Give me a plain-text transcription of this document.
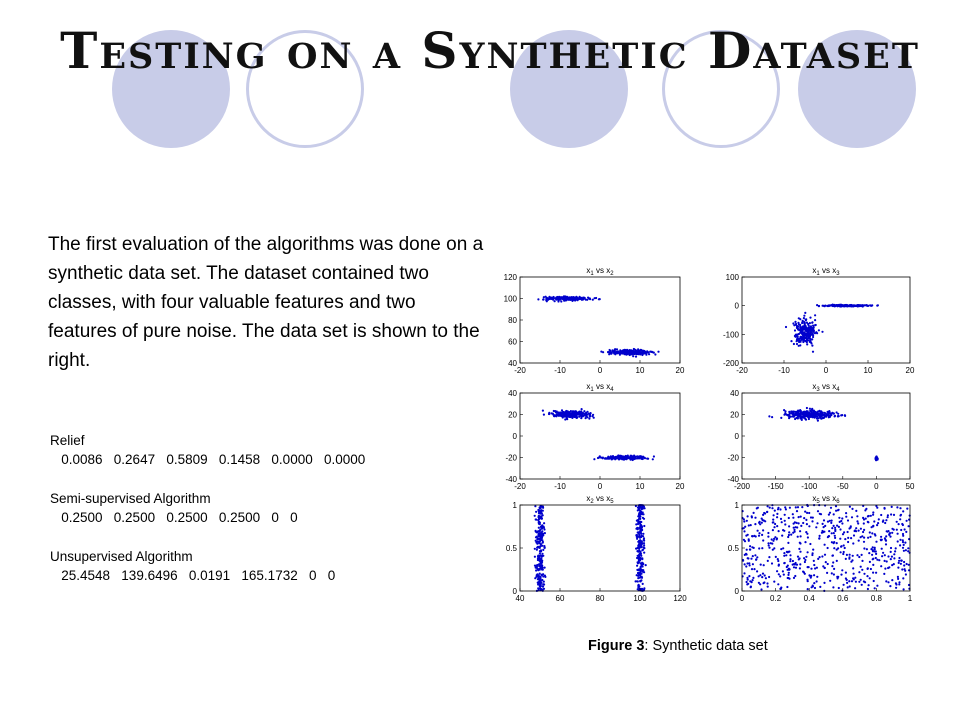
Testing on a Synthetic Dataset
The first evaluation of the algorithms was done on a synthetic data set. The dataset contained two classes, with four valuable features and two features of pure noise. The data set is shown to the right.
Relief
0.0086   0.2647   0.5809   0.1458   0.0000   0.0000
Semi-supervised Algorithm
0.2500   0.2500   0.2500   0.2500   0   0
Unsupervised Algorithm
25.4548   139.6496   0.0191   165.1732   0   0
-20	-10	0	10	20
40
60
80
100
120
$x_1$ vs $x_2$
-20	-10	0	10	20
-200
-100
0
100
$x_1$ vs $x_3$
-20	-10	0	10	20
-40
-20
0
20
40
$x_1$ vs $x_4$
-200 -150 -100 -50	0	50
-40
-20
0
20
40
$x_3$ vs $x_4$
40	60	80	100	120
0
0.5
1
$x_2$ vs $x_5$
0	0.2	0.4	0.6	0.8	1
0
0.5
1
$x_5$ vs $x_6$
Figure 3: Synthetic data set
